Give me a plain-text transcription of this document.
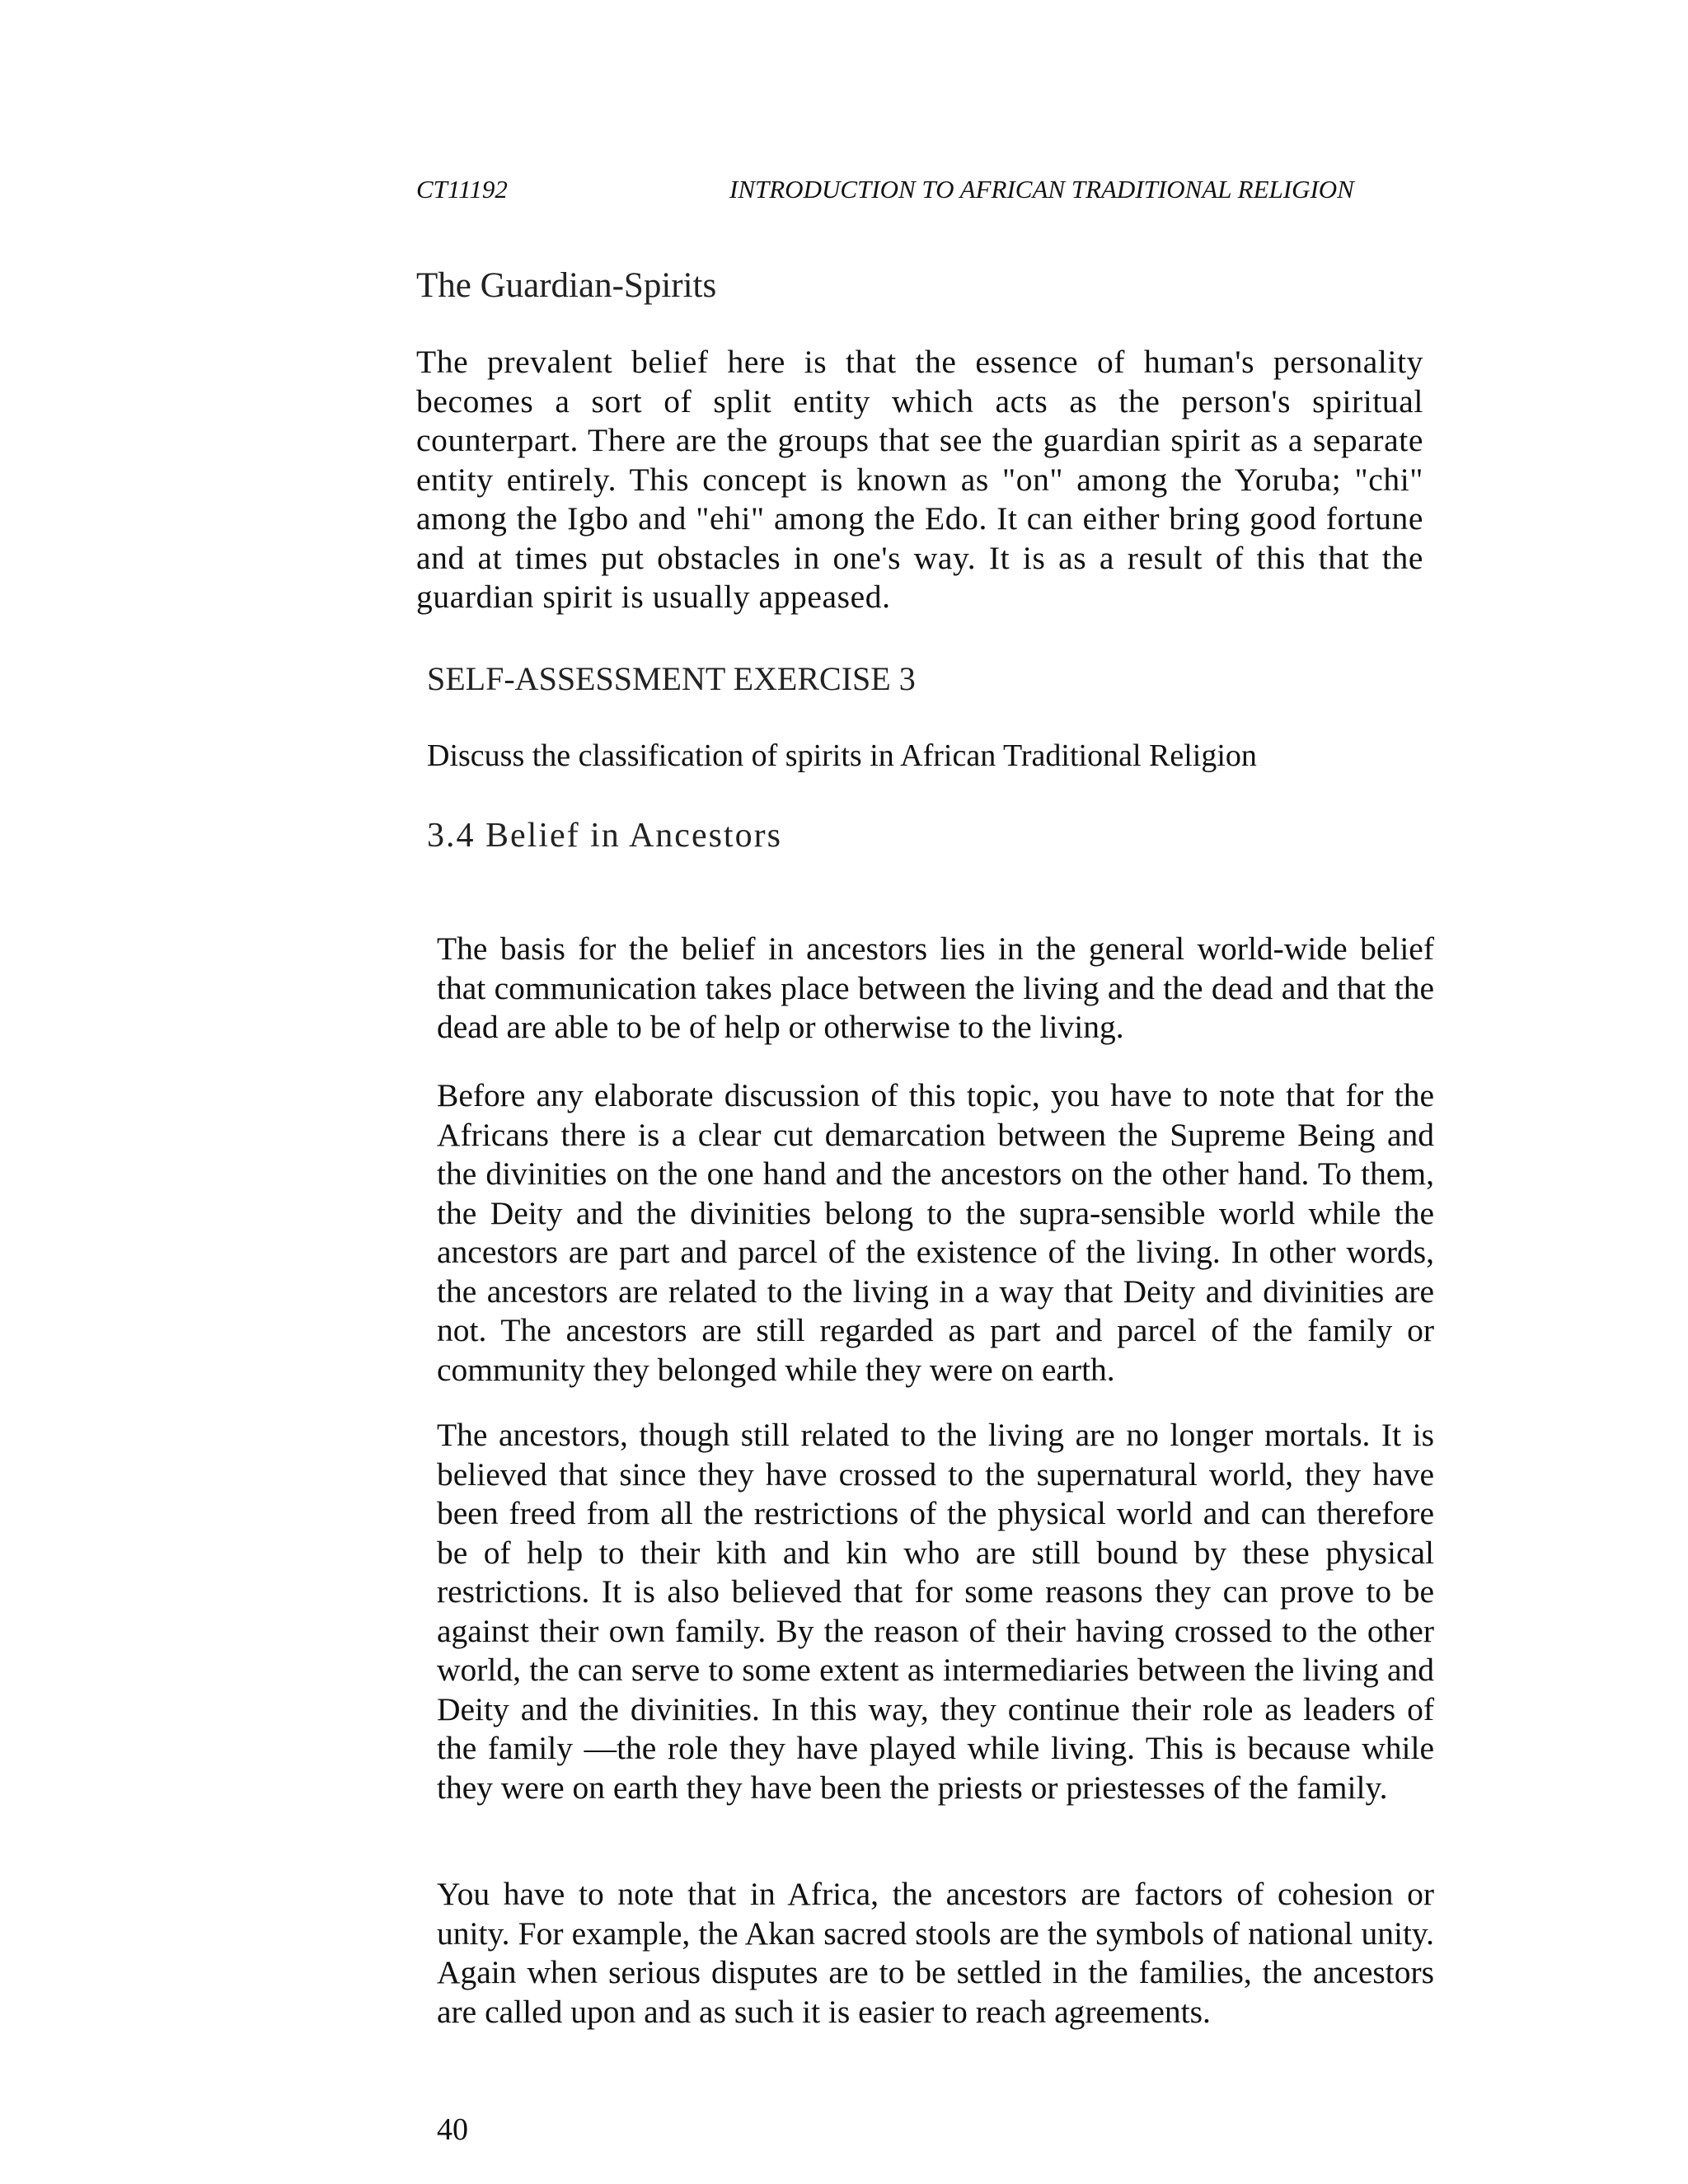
CT11192	INTRODUCTION TO AFRICAN TRADITIONAL RELIGION
The Guardian-Spirits

The prevalent belief here is that the essence of human's personality becomes a sort of split entity which acts as the person's spiritual counterpart. There are the groups that see the guardian spirit as a separate entity entirely. This concept is known as "on" among the Yoruba; "chi" among the Igbo and "ehi" among the Edo. It can either bring good fortune and at times put obstacles in one's way. It is as a result of this that the guardian spirit is usually appeased.

SELF-ASSESSMENT EXERCISE 3

Discuss the classification of spirits in African Traditional Religion

3.4 Belief in Ancestors

The basis for the belief in ancestors lies in the general world-wide belief that communication takes place between the living and the dead and that the dead are able to be of help or otherwise to the living.

Before any elaborate discussion of this topic, you have to note that for the Africans there is a clear cut demarcation between the Supreme Being and the divinities on the one hand and the ancestors on the other hand. To them, the Deity and the divinities belong to the supra-sensible world while the ancestors are part and parcel of the existence of the living. In other words, the ancestors are related to the living in a way that Deity and divinities are not. The ancestors are still regarded as part and parcel of the family or community they belonged while they were on earth.

The ancestors, though still related to the living are no longer mortals. It is believed that since they have crossed to the supernatural world, they have been freed from all the restrictions of the physical world and can therefore be of help to their kith and kin who are still bound by these physical restrictions. It is also believed that for some reasons they can prove to be against their own family. By the reason of their having crossed to the other world, the can serve to some extent as intermediaries between the living and Deity and the divinities. In this way, they continue their role as leaders of the family —the role they have played while living. This is because while they were on earth they have been the priests or priestesses of the family.

You have to note that in Africa, the ancestors are factors of cohesion or unity. For example, the Akan sacred stools are the symbols of national unity. Again when serious disputes are to be settled in the families, the ancestors are called upon and as such it is easier to reach agreements.

40
